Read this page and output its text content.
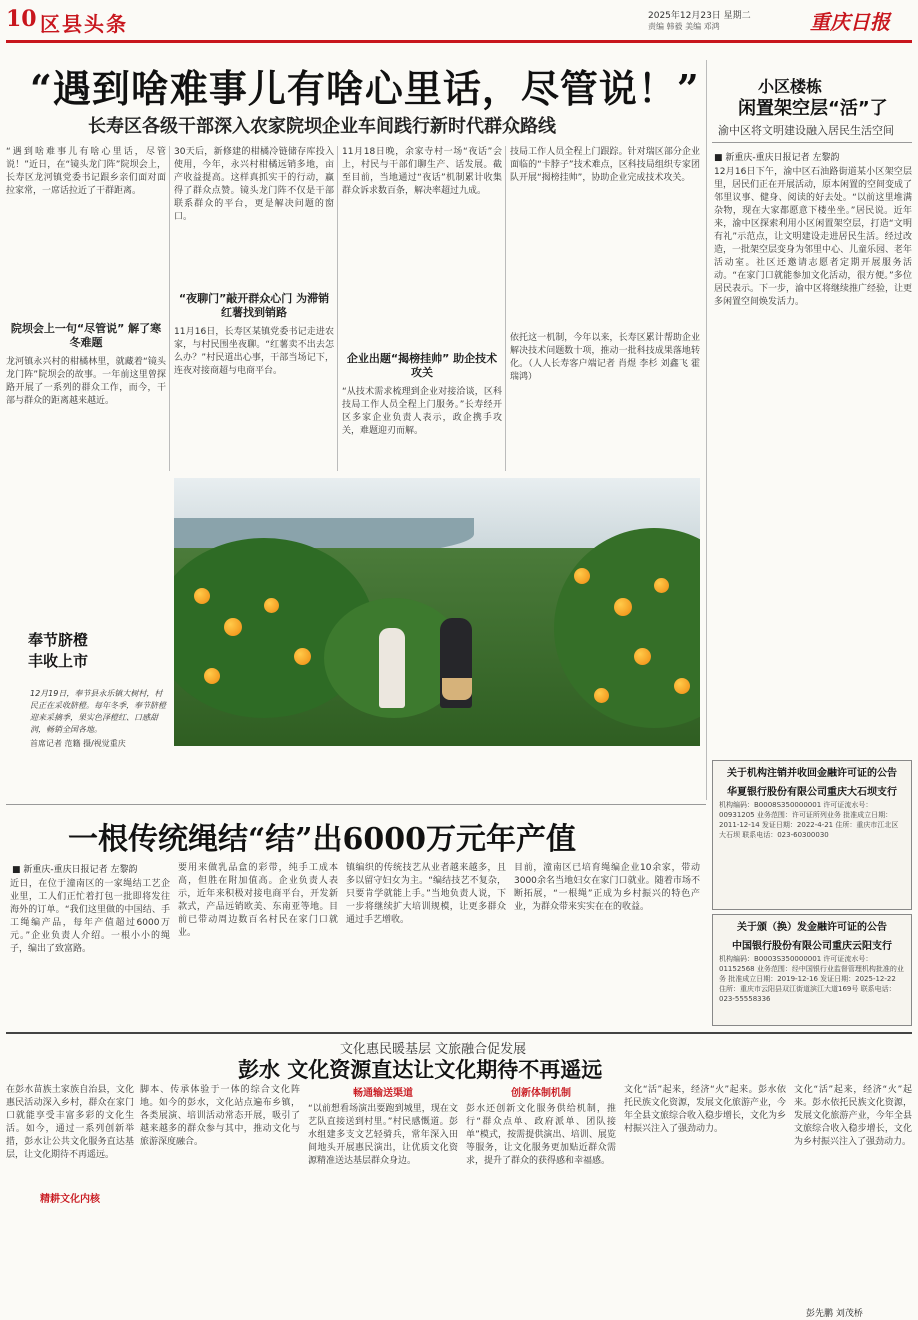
10 区县头条	2025年12月23日 星期二
责编 韩毅 美编 邓鸿	重庆日报
“遇到啥难事儿有啥心里话，尽管说！”
长寿区各级干部深入农家院坝企业车间践行新时代群众路线
“遇到啥难事儿有啥心里话，尽管说！”近日，在“镜头龙门阵”院坝会上，长寿区龙河镇党委书记跟乡亲们面对面拉家常，一席话拉近了干群距离。
院坝会上一句“尽管说” 解了寒冬难题
龙河镇永兴村的柑橘林里，就藏着“镜头龙门阵”院坝会的故事。一年前这里曾探路开展了一系列的群众工作，而今，干部与群众的距离越来越近。
30天后，新修建的柑橘冷链储存库投入使用，今年，永兴村柑橘远销多地，亩产收益提高。这样真抓实干的行动，赢得了群众点赞。镜头龙门阵不仅是干部联系群众的平台，更是解决问题的窗口。
“夜聊门”敲开群众心门 为滞销红薯找到销路
11月16日，长寿区某镇党委书记走进农家，与村民围坐夜聊。“红薯卖不出去怎么办？”村民道出心事，干部当场记下，连夜对接商超与电商平台。
11月18日晚，余家寺村一场“夜话”会上，村民与干部们聊生产、话发展。截至目前，当地通过“夜话”机制累计收集群众诉求数百条，解决率超过九成。
企业出题“揭榜挂帅” 助企技术攻关
“从技术需求梳理到企业对接洽谈，区科技局工作人员全程上门服务。”长寿经开区多家企业负责人表示，政企携手攻关，难题迎刃而解。
技局工作人员全程上门跟踪。针对瑞区部分企业面临的“卡脖子”技术难点，区科技局组织专家团队开展“揭榜挂帅”，协助企业完成技术攻关。
依托这一机制，今年以来，长寿区累计帮助企业解决技术问题数十项，推动一批科技成果落地转化。（人人长寿客户端记者 肖煜 李杉 刘鑫飞 霍瑞鸿）
小区楼栋
闲置架空层“活”了
渝中区将文明建设融入居民生活空间
■ 新重庆-重庆日报记者 左黎韵
12月16日下午，渝中区石油路街道某小区架空层里，居民们正在开展活动，原本闲置的空间变成了邻里议事、健身、阅读的好去处。“以前这里堆满杂物，现在大家都愿意下楼坐坐。”居民说。近年来，渝中区探索利用小区闲置架空层，打造“文明有礼”示范点，让文明建设走进居民生活。经过改造，一批架空层变身为邻里中心、儿童乐园、老年活动室。社区还邀请志愿者定期开展服务活动。“在家门口就能参加文化活动，很方便。”多位居民表示。下一步，渝中区将继续推广经验，让更多闲置空间焕发活力。
奉节脐橙
丰收上市
12月19日，奉节县永乐镇大树村，村民正在采收脐橙。每年冬季，奉节脐橙迎来采摘季，果实色泽橙红、口感甜润，畅销全国各地。
首席记者 范籍 摄/视觉重庆
一根传统绳结“结”出6000万元年产值
■ 新重庆-重庆日报记者 左黎韵
近日，在位于潼南区的一家绳结工艺企业里，工人们正忙着打包一批即将发往海外的订单。“我们这里做的中国结、手工绳编产品，每年产值超过6000万元。”企业负责人介绍。一根小小的绳子，编出了致富路。
要用来做乳品盒的彩带，纯手工成本高，但胜在附加值高。企业负责人表示，近年来积极对接电商平台，开发新款式，产品远销欧美、东南亚等地。目前已带动周边数百名村民在家门口就业。
镇编织的传统技艺从业者越来越多，且多以留守妇女为主。“编结技艺不复杂，只要肯学就能上手。”当地负责人说，下一步将继续扩大培训规模，让更多群众通过手艺增收。
目前，潼南区已培育绳编企业10余家，带动3000余名当地妇女在家门口就业。随着市场不断拓展，“一根绳”正成为乡村振兴的特色产业，为群众带来实实在在的收益。
关于机构注销并收回金融许可证的公告
华夏银行股份有限公司重庆大石坝支行
机构编码：B0008S350000001 许可证流水号：00931205 业务范围：许可证所列业务 批准成立日期：2011-12-14 发证日期：2022-4-21 住所：重庆市江北区大石坝 联系电话：023-60300030
关于颁（换）发金融许可证的公告
中国银行股份有限公司重庆云阳支行
机构编码：B0003S350000001 许可证流水号：01152568 业务范围：经中国银行业监督管理机构批准的业务 批准成立日期：2019-12-16 发证日期：2025-12-22 住所：重庆市云阳县双江街道滨江大道169号 联系电话：023-55558336
文化惠民暖基层 文旅融合促发展
彭水 文化资源直达让文化期待不再遥远
在彭水苗族土家族自治县，文化惠民活动深入乡村，群众在家门口就能享受丰富多彩的文化生活。如今，通过一系列创新举措，彭水让公共文化服务直达基层，让文化期待不再遥远。
精耕文化内核
脚本、传承体验于一体的综合文化阵地。如今的彭水，文化站点遍布乡镇，各类展演、培训活动常态开展，吸引了越来越多的群众参与其中，推动文化与旅游深度融合。
畅通输送渠道
“以前想看场演出要跑到城里，现在文艺队直接送到村里。”村民感慨道。彭水组建多支文艺轻骑兵，常年深入田间地头开展惠民演出，让优质文化资源精准送达基层群众身边。
创新体制机制
彭水还创新文化服务供给机制，推行“群众点单、政府派单、团队接单”模式，按需提供演出、培训、展览等服务，让文化服务更加贴近群众需求，提升了群众的获得感和幸福感。
文化“活”起来，经济“火”起来。彭水依托民族文化资源，发展文化旅游产业，今年全县文旅综合收入稳步增长，文化为乡村振兴注入了强劲动力。
文化“活”起来，经济“火”起来。彭水依托民族文化资源，发展文化旅游产业，今年全县文旅综合收入稳步增长，文化为乡村振兴注入了强劲动力。
彭先鹏 刘茂桥
